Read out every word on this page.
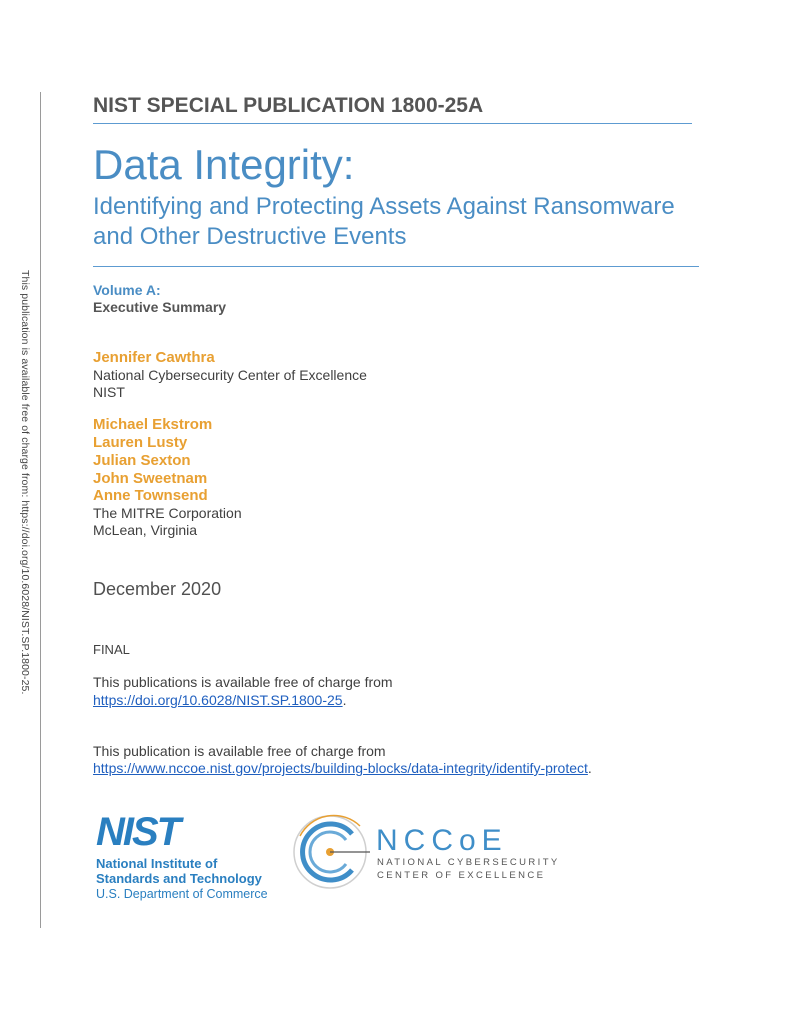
This publication is available free of charge from: https://doi.org/10.6028/NIST.SP.1800-25.
NIST SPECIAL PUBLICATION 1800-25A
Data Integrity:
Identifying and Protecting Assets Against Ransomware
and Other Destructive Events
Volume A:
Executive Summary
Jennifer Cawthra
National Cybersecurity Center of Excellence
NIST
Michael Ekstrom
Lauren Lusty
Julian Sexton
John Sweetnam
Anne Townsend
The MITRE Corporation
McLean, Virginia
December 2020
FINAL
This publications is available free of charge from
https://doi.org/10.6028/NIST.SP.1800-25.
This publication is available free of charge from
https://www.nccoe.nist.gov/projects/building-blocks/data-integrity/identify-protect.
NIST
National Institute of
Standards and Technology
U.S. Department of Commerce
NCCoE
NATIONAL CYBERSECURITY
CENTER OF EXCELLENCE
